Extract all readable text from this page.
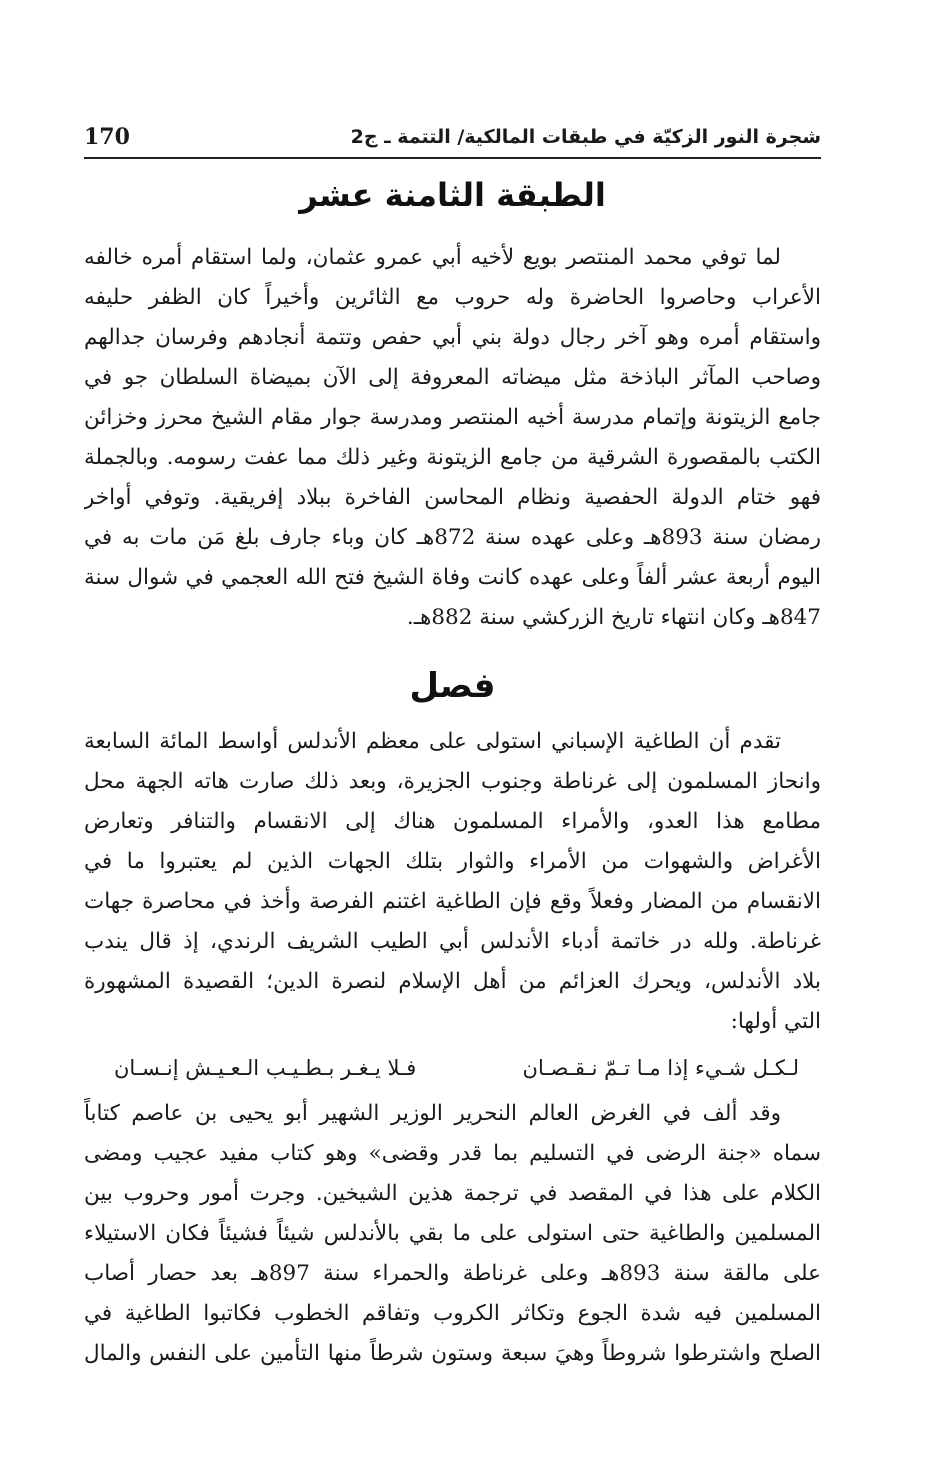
170	شجرة النور الزكيّة في طبقات المالكية/ التتمة ـ ج2
الطبقة الثامنة عشر
لما توفي محمد المنتصر بويع لأخيه أبي عمرو عثمان، ولما استقام أمره خالفه
الأعراب وحاصروا الحاضرة وله حروب مع الثائرين وأخيراً كان الظفر حليفه
واستقام أمره وهو آخر رجال دولة بني أبي حفص وتتمة أنجادهم وفرسان جدالهم
وصاحب المآثر الباذخة مثل ميضاته المعروفة إلى الآن بميضاة السلطان جو في
جامع الزيتونة وإتمام مدرسة أخيه المنتصر ومدرسة جوار مقام الشيخ محرز وخزائن
الكتب بالمقصورة الشرقية من جامع الزيتونة وغير ذلك مما عفت رسومه. وبالجملة
فهو ختام الدولة الحفصية ونظام المحاسن الفاخرة ببلاد إفريقية. وتوفي أواخر
رمضان سنة 893هـ وعلى عهده سنة 872هـ كان وباء جارف بلغ مَن مات به في
اليوم أربعة عشر ألفاً وعلى عهده كانت وفاة الشيخ فتح الله العجمي في شوال سنة
847هـ وكان انتهاء تاريخ الزركشي سنة 882هـ.
فصل
تقدم أن الطاغية الإسباني استولى على معظم الأندلس أواسط المائة السابعة
وانحاز المسلمون إلى غرناطة وجنوب الجزيرة، وبعد ذلك صارت هاته الجهة محل
مطامع هذا العدو، والأمراء المسلمون هناك إلى الانقسام والتنافر وتعارض
الأغراض والشهوات من الأمراء والثوار بتلك الجهات الذين لم يعتبروا ما في
الانقسام من المضار وفعلاً وقع فإن الطاغية اغتنم الفرصة وأخذ في محاصرة جهات
غرناطة. ولله در خاتمة أدباء الأندلس أبي الطيب الشريف الرندي، إذ قال يندب
بلاد الأندلس، ويحرك العزائم من أهل الإسلام لنصرة الدين؛ القصيدة المشهورة
التي أولها:
لـكـل شـيء إذا مـا تـمّ نـقـصـان
فـلا يـغـر بـطـيـب الـعـيـش إنـسـان
وقد ألف في الغرض العالم النحرير الوزير الشهير أبو يحيى بن عاصم كتاباً
سماه «جنة الرضى في التسليم بما قدر وقضى» وهو كتاب مفيد عجيب ومضى
الكلام على هذا في المقصد في ترجمة هذين الشيخين. وجرت أمور وحروب بين
المسلمين والطاغية حتى استولى على ما بقي بالأندلس شيئاً فشيئاً فكان الاستيلاء
على مالقة سنة 893هـ وعلى غرناطة والحمراء سنة 897هـ بعد حصار أصاب
المسلمين فيه شدة الجوع وتكاثر الكروب وتفاقم الخطوب فكاتبوا الطاغية في
الصلح واشترطوا شروطاً وهيَ سبعة وستون شرطاً منها التأمين على النفس والمال
